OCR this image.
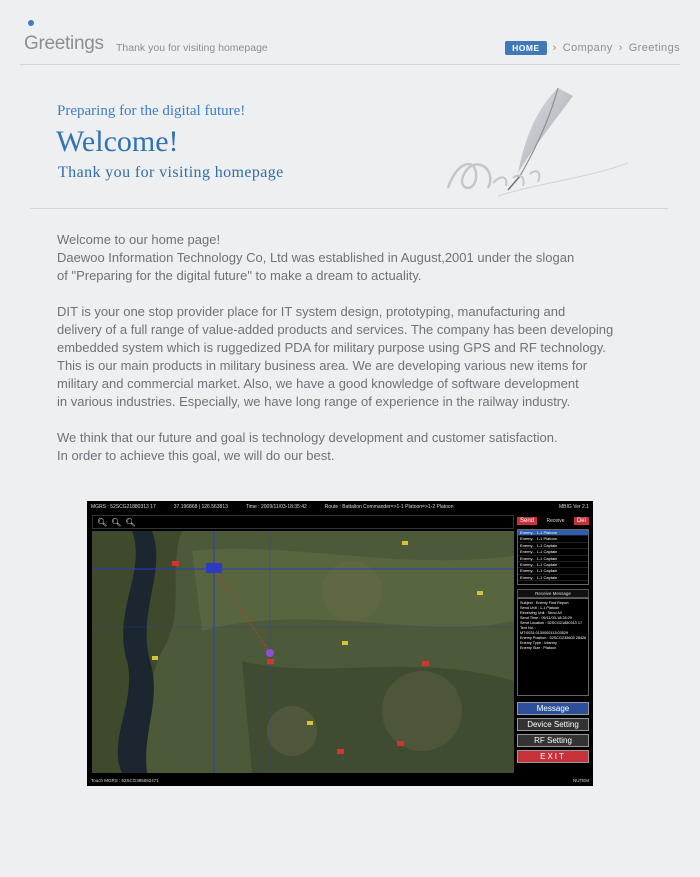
Greetings Thank you for visiting homepage	HOME	› Company › Greetings
Preparing for the digital future!
Welcome!
Thank you for visiting homepage

Welcome to our home page!
Daewoo Information Technology Co, Ltd was established in August,2001 under the slogan
of "Preparing for the digital future" to make a dream to actuality.

DIT is your one stop provider place for IT system design, prototyping, manufacturing and
delivery of a full range of value-added products and services. The company has been developing
embedded system which is ruggedized PDA for military purpose using GPS and RF technology.
This is our main products in military business area. We are developing various new items for
military and commercial market. Also, we have a good knowledge of software development
in various industries. Especially, we have long range of experience in the railway industry.

We think that our future and goal is technology development and customer satisfaction.
In order to achieve this goal, we will do our best.

MGRS : 52SCG21880313 17	37.196868 | 126.563813	Time : 2009/11/03-18:35:42	Route : Battalion Commander=>1-1 Platoon=>1-2 Platoon	MBIG Ver 2.1
🔍︎ 🔍︎ 🔍︎	Send	Receive	Del
Enemy... 1-1 Platoon
Enemy... 1-1 Platoon
Enemy... 1-1 Captain
Enemy... 1-1 Captain
Enemy... 1-1 Captain
Enemy... 1-1 Captain
Enemy... 1-1 Captain
Enemy... 1-1 Captain
Receive Message
Subject : Enemy Find Report
Send Unit : 1-1 Platoon
Receiving Unit : Send All
Send Time : 09/11/03-18:28:29
Send Location : 52SCG21880313 17
Text No. :
MT:0031:0130000113:03529
Enemy Position : 52SCG235603 28426
Enemy Type : Infantry
Enemy Size : Platoon
Message
Device Setting
RF Setting
EXIT
Touch MGRS : 52SCG385052471	NUTEM
